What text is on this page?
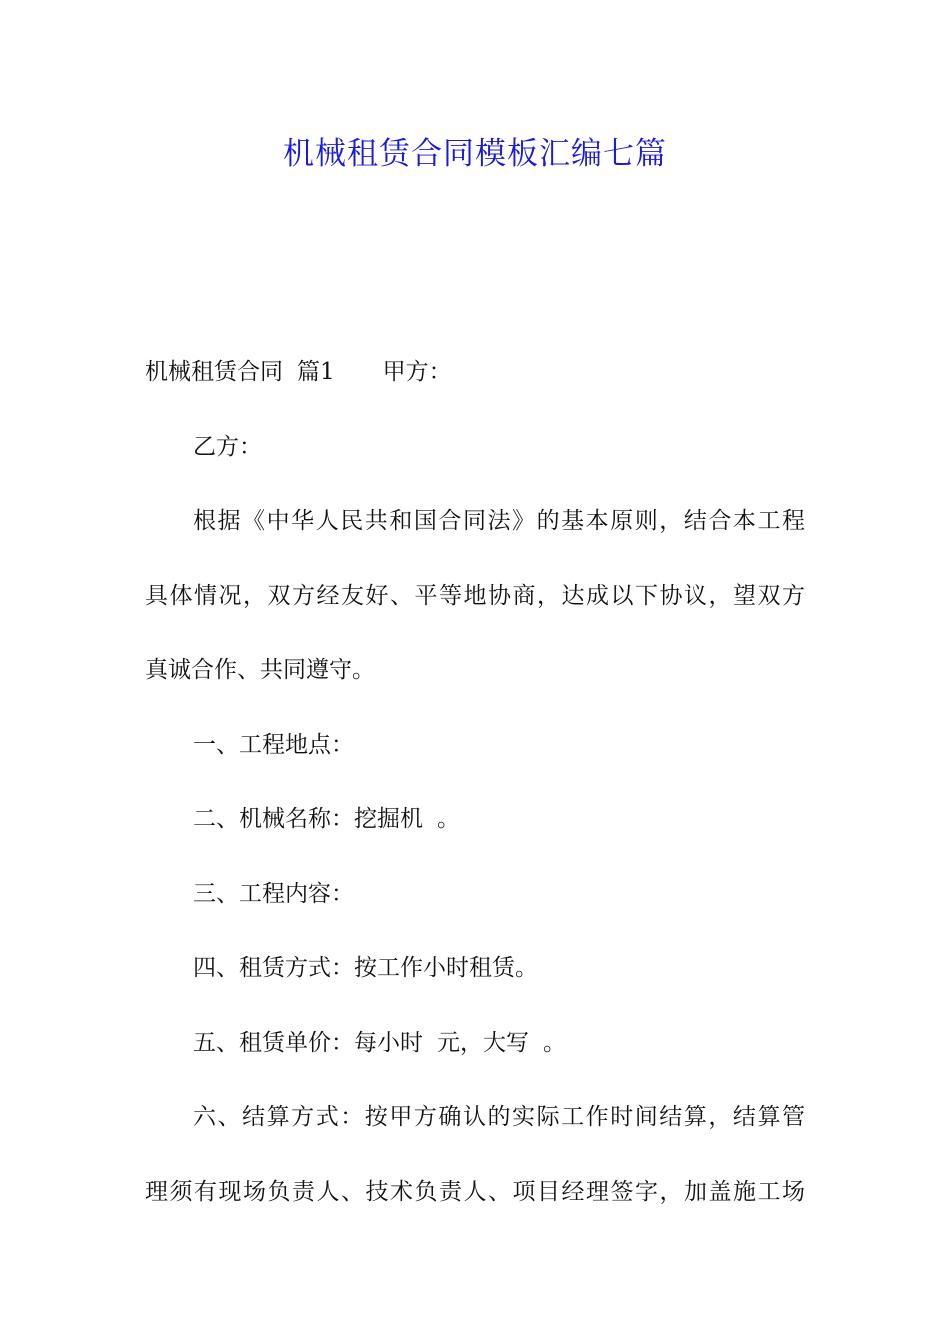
机械租赁合同模板汇编七篇
机械租赁合同 篇1 甲方：
乙方：
根据《中华人民共和国合同法》的基本原则，结合本工程
具体情况，双方经友好、平等地协商，达成以下协议，望双方
真诚合作、共同遵守。
一、工程地点：
二、机械名称：挖掘机 。
三、工程内容：
四、租赁方式：按工作小时租赁。
五、租赁单价：每小时 元，大写 。
六、结算方式：按甲方确认的实际工作时间结算，结算管
理须有现场负责人、技术负责人、项目经理签字，加盖施工场
